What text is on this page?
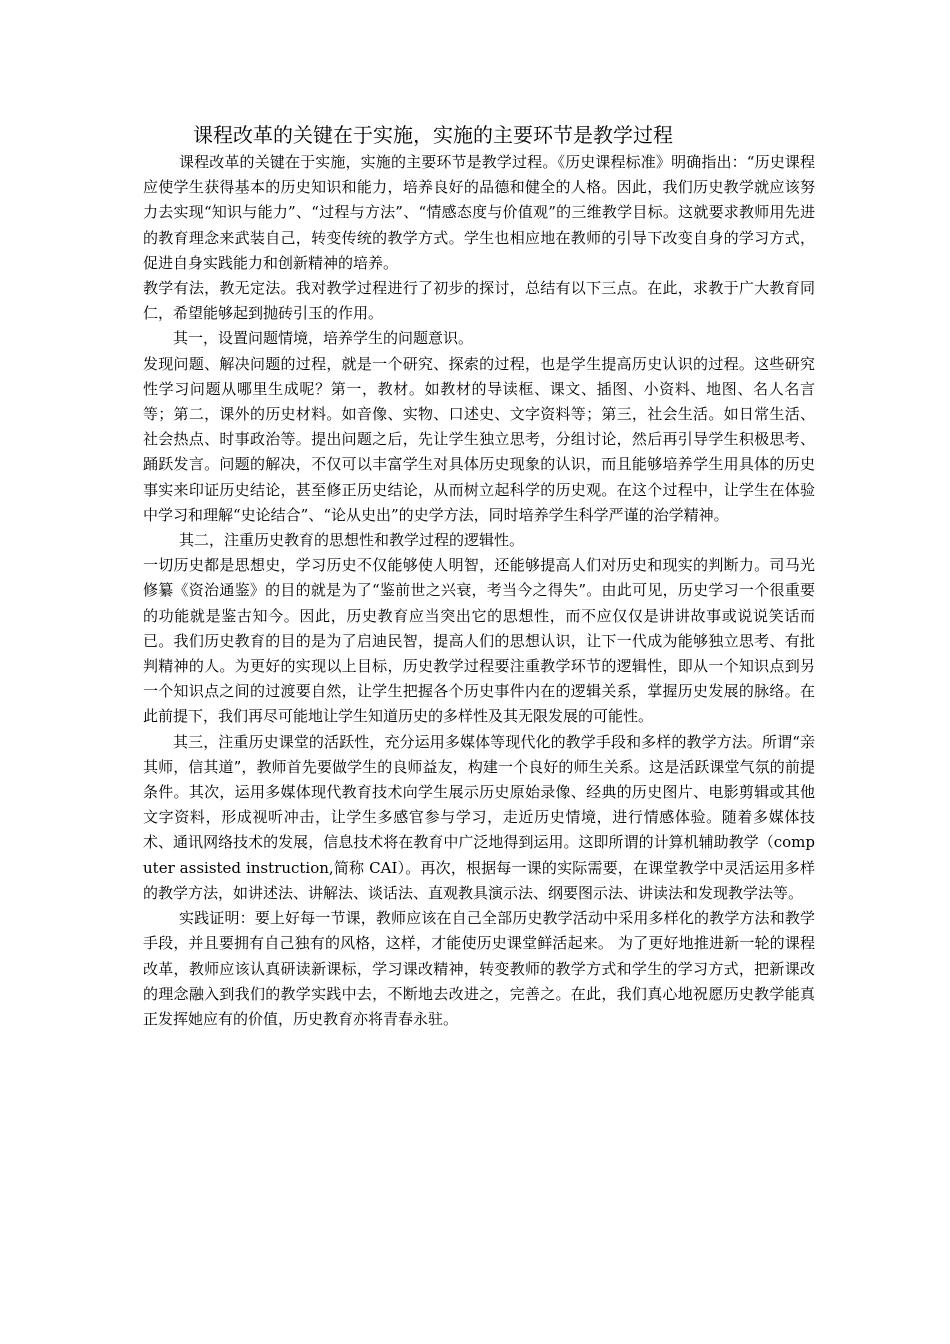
课程改革的关键在于实施，实施的主要环节是教学过程

课程改革的关键在于实施，实施的主要环节是教学过程。《历史课程标准》明确指出：“历史课程应使学生获得基本的历史知识和能力，培养良好的品德和健全的人格。因此，我们历史教学就应该努力去实现“知识与能力”、“过程与方法”、“情感态度与价值观”的三维教学目标。这就要求教师用先进的教育理念来武装自己，转变传统的教学方式。学生也相应地在教师的引导下改变自身的学习方式，促进自身实践能力和创新精神的培养。

教学有法，教无定法。我对教学过程进行了初步的探讨，总结有以下三点。在此，求教于广大教育同仁，希望能够起到抛砖引玉的作用。

其一，设置问题情境，培养学生的问题意识。

发现问题、解决问题的过程，就是一个研究、探索的过程，也是学生提高历史认识的过程。这些研究性学习问题从哪里生成呢？第一，教材。如教材的导读框、课文、插图、小资料、地图、名人名言等；第二，课外的历史材料。如音像、实物、口述史、文字资料等；第三，社会生活。如日常生活、社会热点、时事政治等。提出问题之后，先让学生独立思考，分组讨论，然后再引导学生积极思考、踊跃发言。问题的解决，不仅可以丰富学生对具体历史现象的认识，而且能够培养学生用具体的历史事实来印证历史结论，甚至修正历史结论，从而树立起科学的历史观。在这个过程中，让学生在体验中学习和理解“史论结合”、“论从史出”的史学方法，同时培养学生科学严谨的治学精神。

其二，注重历史教育的思想性和教学过程的逻辑性。

一切历史都是思想史，学习历史不仅能够使人明智，还能够提高人们对历史和现实的判断力。司马光修纂《资治通鉴》的目的就是为了“鉴前世之兴衰，考当今之得失”。由此可见，历史学习一个很重要的功能就是鉴古知今。因此，历史教育应当突出它的思想性，而不应仅仅是讲讲故事或说说笑话而已。我们历史教育的目的是为了启迪民智，提高人们的思想认识，让下一代成为能够独立思考、有批判精神的人。为更好的实现以上目标，历史教学过程要注重教学环节的逻辑性，即从一个知识点到另一个知识点之间的过渡要自然，让学生把握各个历史事件内在的逻辑关系，掌握历史发展的脉络。在此前提下，我们再尽可能地让学生知道历史的多样性及其无限发展的可能性。

其三，注重历史课堂的活跃性，充分运用多媒体等现代化的教学手段和多样的教学方法。所谓“亲其师，信其道”，教师首先要做学生的良师益友，构建一个良好的师生关系。这是活跃课堂气氛的前提条件。其次，运用多媒体现代教育技术向学生展示历史原始录像、经典的历史图片、电影剪辑或其他文字资料，形成视听冲击，让学生多感官参与学习，走近历史情境，进行情感体验。随着多媒体技术、通讯网络技术的发展，信息技术将在教育中广泛地得到运用。这即所谓的计算机辅助教学（computer assisted instruction,简称 CAI）。再次，根据每一课的实际需要，在课堂教学中灵活运用多样的教学方法，如讲述法、讲解法、谈话法、直观教具演示法、纲要图示法、讲读法和发现教学法等。

实践证明：要上好每一节课，教师应该在自己全部历史教学活动中采用多样化的教学方法和教学手段，并且要拥有自己独有的风格，这样，才能使历史课堂鲜活起来。 为了更好地推进新一轮的课程改革，教师应该认真研读新课标，学习课改精神，转变教师的教学方式和学生的学习方式，把新课改的理念融入到我们的教学实践中去，不断地去改进之，完善之。在此，我们真心地祝愿历史教学能真正发挥她应有的价值，历史教育亦将青春永驻。
